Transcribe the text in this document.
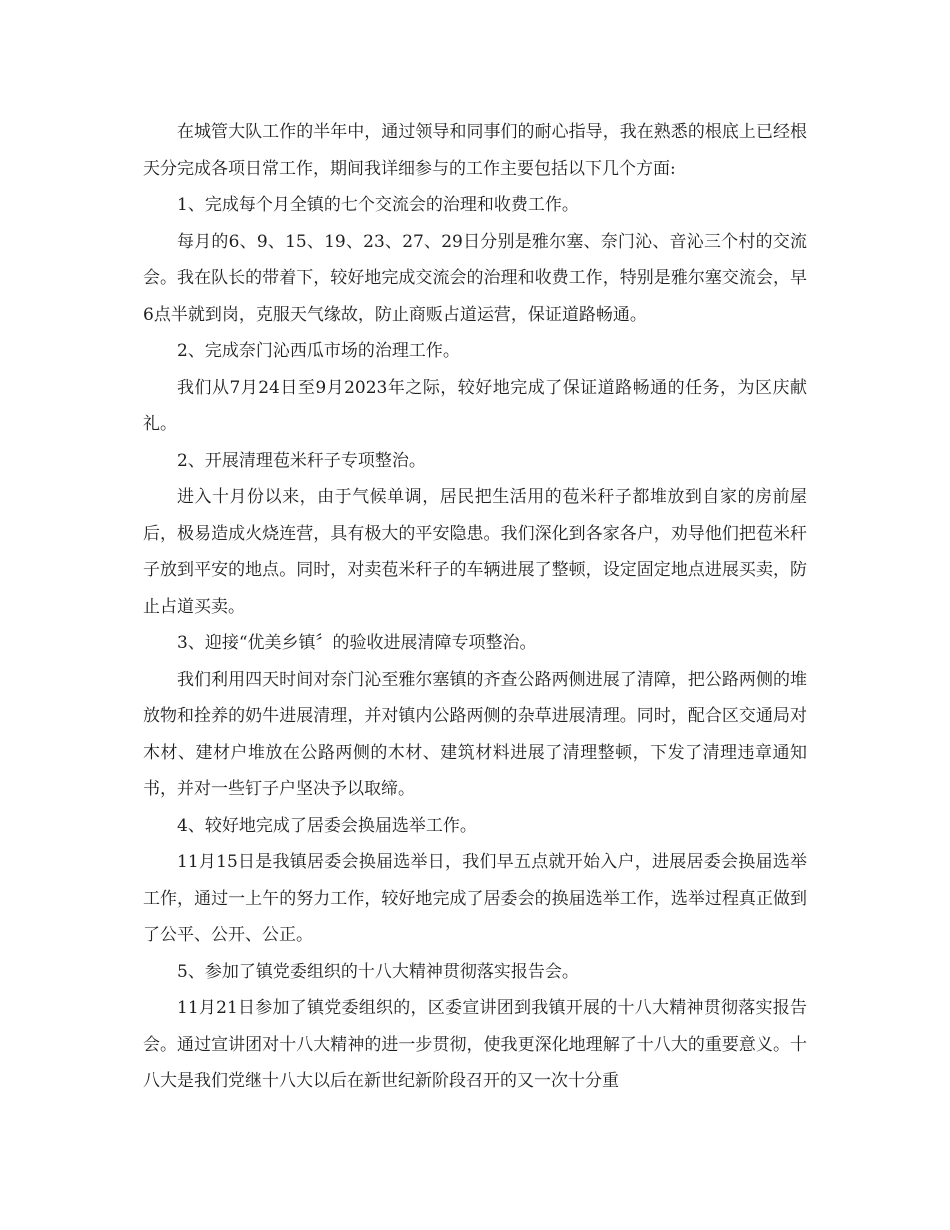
在城管大队工作的半年中，通过领导和同事们的耐心指导，我在熟悉的根底上已经根天分完成各项日常工作，期间我详细参与的工作主要包括以下几个方面:

1、完成每个月全镇的七个交流会的治理和收费工作。

每月的6、9、15、19、23、27、29日分别是雅尔塞、奈门沁、音沁三个村的交流会。我在队长的带着下，较好地完成交流会的治理和收费工作，特别是雅尔塞交流会，早6点半就到岗，克服天气缘故，防止商贩占道运营，保证道路畅通。

2、完成奈门沁西瓜市场的治理工作。

我们从7月24日至9月2023年之际，较好地完成了保证道路畅通的任务，为区庆献礼。

2、开展清理苞米秆子专项整治。

进入十月份以来，由于气候单调，居民把生活用的苞米秆子都堆放到自家的房前屋后，极易造成火烧连营，具有极大的平安隐患。我们深化到各家各户，劝导他们把苞米秆子放到平安的地点。同时，对卖苞米秆子的车辆进展了整顿，设定固定地点进展买卖，防止占道买卖。

3、迎接“优美乡镇〞的验收进展清障专项整治。

我们利用四天时间对奈门沁至雅尔塞镇的齐查公路两侧进展了清障，把公路两侧的堆放物和拴养的奶牛进展清理，并对镇内公路两侧的杂草进展清理。同时，配合区交通局对木材、建材户堆放在公路两侧的木材、建筑材料进展了清理整顿，下发了清理违章通知书，并对一些钉子户坚决予以取缔。

4、较好地完成了居委会换届选举工作。

11月15日是我镇居委会换届选举日，我们早五点就开始入户，进展居委会换届选举工作，通过一上午的努力工作，较好地完成了居委会的换届选举工作，选举过程真正做到了公平、公开、公正。

5、参加了镇党委组织的十八大精神贯彻落实报告会。

11月21日参加了镇党委组织的，区委宣讲团到我镇开展的十八大精神贯彻落实报告会。通过宣讲团对十八大精神的进一步贯彻，使我更深化地理解了十八大的重要意义。十八大是我们党继十八大以后在新世纪新阶段召开的又一次十分重
